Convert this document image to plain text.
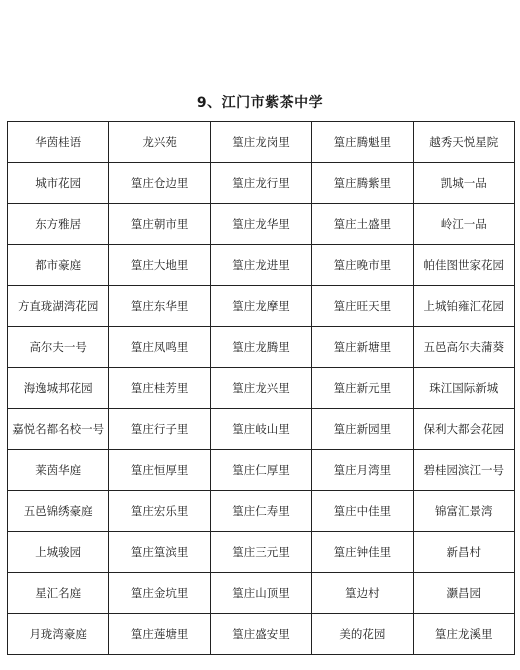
9、江门市紫茶中学
华茵桂语	龙兴苑	篁庄龙岗里	篁庄腾魁里	越秀天悦星院
城市花园	篁庄仓边里	篁庄龙行里	篁庄腾紫里	凯城一品
东方雅居	篁庄朝市里	篁庄龙华里	篁庄土盛里	岭江一品
都市豪庭	篁庄大地里	篁庄龙进里	篁庄晚市里	帕佳图世家花园
方直珑湖湾花园	篁庄东华里	篁庄龙摩里	篁庄旺天里	上城铂雍汇花园
高尔夫一号	篁庄凤鸣里	篁庄龙腾里	篁庄新塘里	五邑高尔夫蒲葵
海逸城邦花园	篁庄桂芳里	篁庄龙兴里	篁庄新元里	珠江国际新城
嘉悦名都名校一号	篁庄行子里	篁庄岐山里	篁庄新园里	保利大都会花园
莱茵华庭	篁庄恒厚里	篁庄仁厚里	篁庄月湾里	碧桂园滨江一号
五邑锦绣豪庭	篁庄宏乐里	篁庄仁寿里	篁庄中佳里	锦富汇景湾
上城骏园	篁庄篁滨里	篁庄三元里	篁庄钟佳里	新昌村
星汇名庭	篁庄金坑里	篁庄山顶里	篁边村	灏昌园
月珑湾豪庭	篁庄莲塘里	篁庄盛安里	美的花园	篁庄龙溪里
